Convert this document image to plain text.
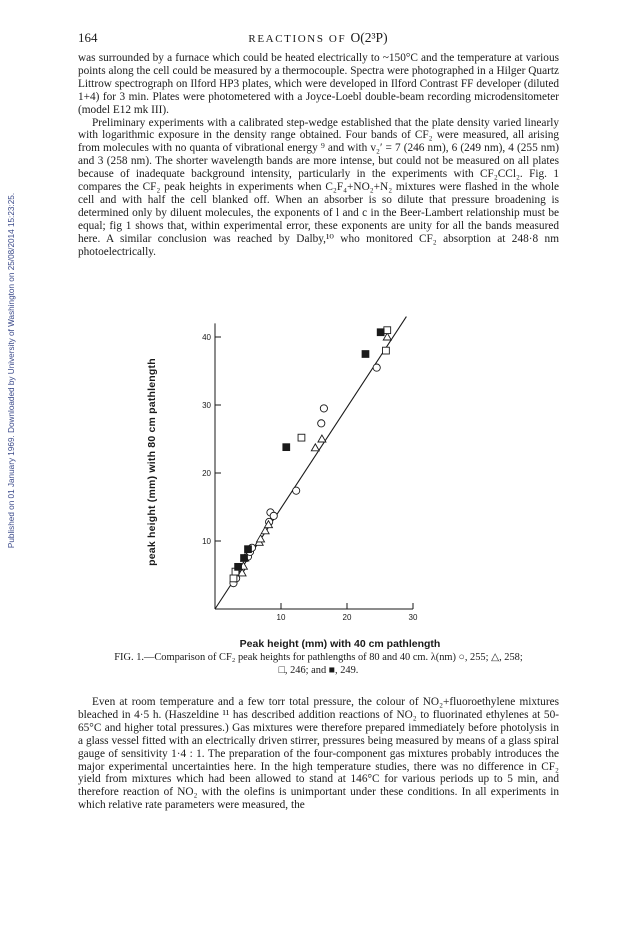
Published on 01 January 1969. Downloaded by University of Washington on 25/08/2014 15:23:25.
164	REACTIONS OF O(2³P)

was surrounded by a furnace which could be heated electrically to ~150°C and the temperature at various points along the cell could be measured by a thermocouple. Spectra were photographed in a Hilger Quartz Littrow spectrograph on Ilford HP3 plates, which were developed in Ilford Contrast FF developer (diluted 1+4) for 3 min. Plates were photometered with a Joyce-Loebl double-beam recording microdensitometer (model E12 mk III).

Preliminary experiments with a calibrated step-wedge established that the plate density varied linearly with logarithmic exposure in the density range obtained. Four bands of CF₂ were measured, all arising from molecules with no quanta of vibrational energy ⁹ and with v₂′ = 7 (246 nm), 6 (249 nm), 4 (255 nm) and 3 (258 nm). The shorter wavelength bands are more intense, but could not be measured on all plates because of inadequate background intensity, particularly in the experiments with CF₂CCl₂. Fig. 1 compares the CF₂ peak heights in experiments when C₂F₄+NO₂+N₂ mixtures were flashed in the whole cell and with half the cell blanked off. When an absorber is so dilute that pressure broadening is determined only by diluent molecules, the exponents of l and c in the Beer-Lambert relationship must be equal; fig 1 shows that, within experimental error, these exponents are unity for all the bands measured here. A similar conclusion was reached by Dalby,¹⁰ who monitored CF₂ absorption at 248·8 nm photoelectrically.

10
20
30
40
10	20	30
peak height (mm) with 80 cm pathlength
Peak height (mm) with 40 cm pathlength
FIG. 1.—Comparison of CF₂ peak heights for pathlengths of 80 and 40 cm. λ(nm) ○, 255; △, 258;
□, 246; and ■, 249.

Even at room temperature and a few torr total pressure, the colour of NO₂+fluoroethylene mixtures bleached in 4·5 h. (Haszeldine ¹¹ has described addition reactions of NO₂ to fluorinated ethylenes at 50-65°C and higher total pressures.) Gas mixtures were therefore prepared immediately before photolysis in a glass vessel fitted with an electrically driven stirrer, pressures being measured by means of a glass spiral gauge of sensitivity 1·4 : 1. The preparation of the four-component gas mixtures probably introduces the major experimental uncertainties here. In the high temperature studies, there was no difference in CF₂ yield from mixtures which had been allowed to stand at 146°C for various periods up to 5 min, and therefore reaction of NO₂ with the olefins is unimportant under these conditions. In all experiments in which relative rate parameters were measured, the
